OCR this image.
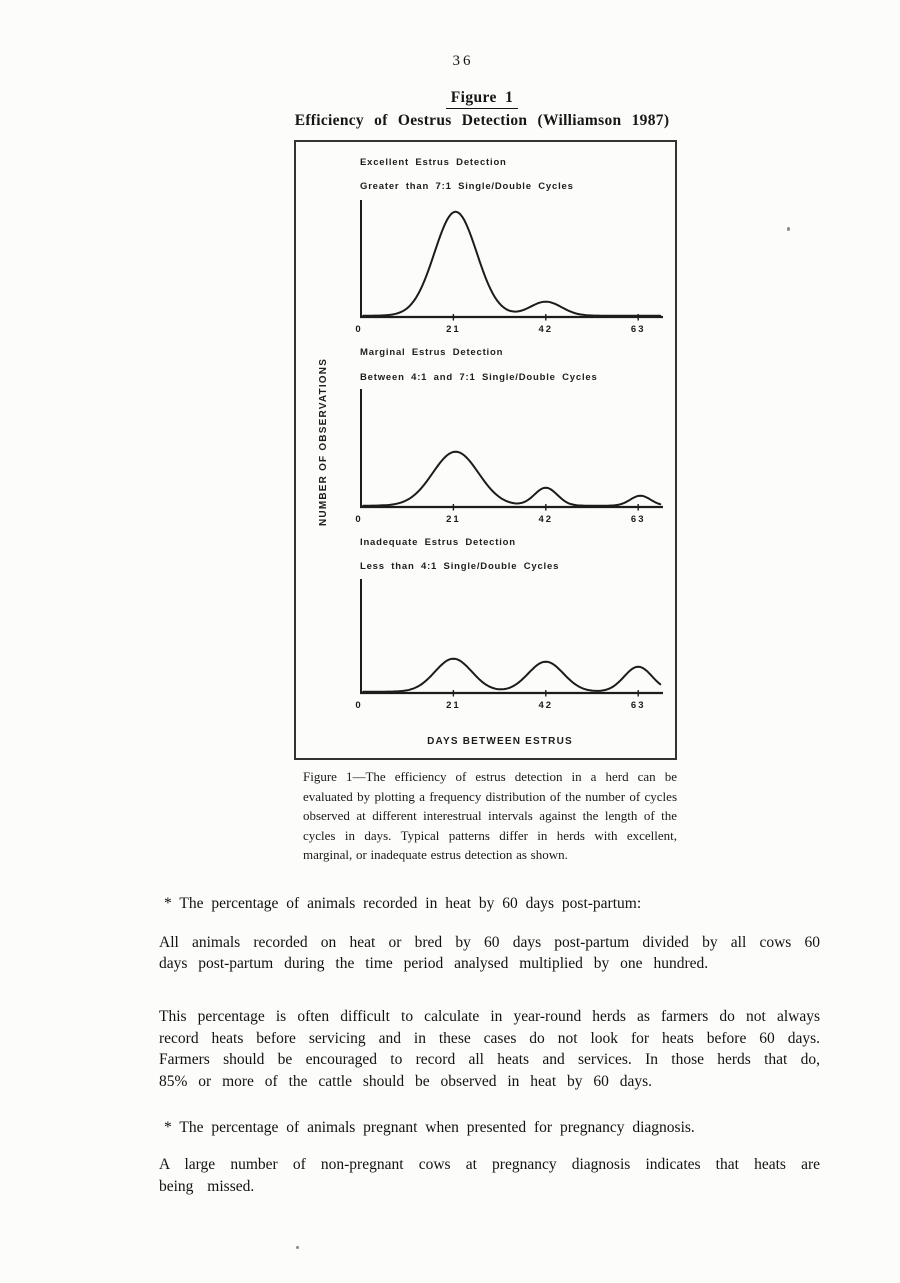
36
Figure 1
Efficiency of Oestrus Detection (Williamson 1987)
0	21	42	63
0	21	42	63
0	21	42	63
Excellent Estrus Detection
Greater than 7:1 Single/Double Cycles
Marginal Estrus Detection
Between 4:1 and 7:1 Single/Double Cycles
Inadequate Estrus Detection
Less than 4:1 Single/Double Cycles
NUMBER OF OBSERVATIONS
DAYS BETWEEN ESTRUS
Figure 1—The efficiency of estrus detection in a herd can be evaluated by plotting a frequency distribution of the number of cycles observed at different interestrual intervals against the length of the cycles in days. Typical patterns differ in herds with excellent, marginal, or inadequate estrus detection as shown.
* The percentage of animals recorded in heat by 60 days post-partum:
All animals recorded on heat or bred by 60 days post-partum divided by all cows 60 days post-partum during the time period analysed multiplied by one hundred.
This percentage is often difficult to calculate in year-round herds as farmers do not always record heats before servicing and in these cases do not look for heats before 60 days. Farmers should be encouraged to record all heats and services. In those herds that do, 85% or more of the cattle should be observed in heat by 60 days.
* The percentage of animals pregnant when presented for pregnancy diagnosis.
A large number of non-pregnant cows at pregnancy diagnosis indicates that heats are being missed.
